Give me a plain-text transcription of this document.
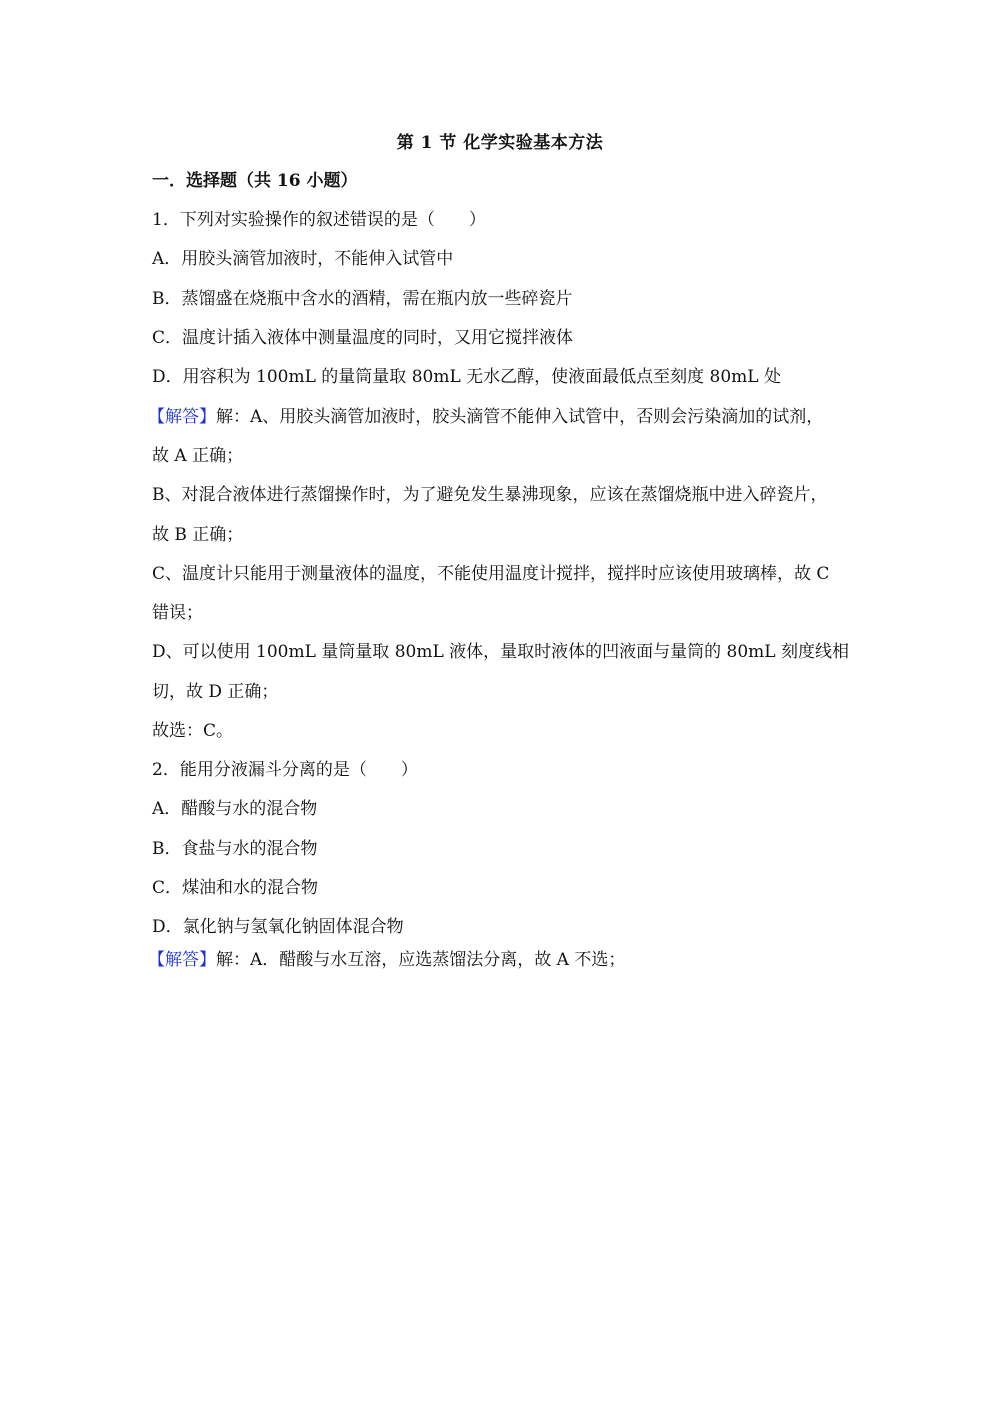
第 1 节 化学实验基本方法
一．选择题（共 16 小题）
1．下列对实验操作的叙述错误的是（　　）
A．用胶头滴管加液时，不能伸入试管中
B．蒸馏盛在烧瓶中含水的酒精，需在瓶内放一些碎瓷片
C．温度计插入液体中测量温度的同时，又用它搅拌液体
D．用容积为 100mL 的量筒量取 80mL 无水乙醇，使液面最低点至刻度 80mL 处
【解答】解：A、用胶头滴管加液时，胶头滴管不能伸入试管中，否则会污染滴加的试剂，
故 A 正确；
B、对混合液体进行蒸馏操作时，为了避免发生暴沸现象，应该在蒸馏烧瓶中进入碎瓷片，
故 B 正确；
C、温度计只能用于测量液体的温度，不能使用温度计搅拌，搅拌时应该使用玻璃棒，故 C
错误；
D、可以使用 100mL 量筒量取 80mL 液体，量取时液体的凹液面与量筒的 80mL 刻度线相
切，故 D 正确；
故选：C。
2．能用分液漏斗分离的是（　　）
A．醋酸与水的混合物
B．食盐与水的混合物
C．煤油和水的混合物
D．氯化钠与氢氧化钠固体混合物
【解答】解：A．醋酸与水互溶，应选蒸馏法分离，故 A 不选；
